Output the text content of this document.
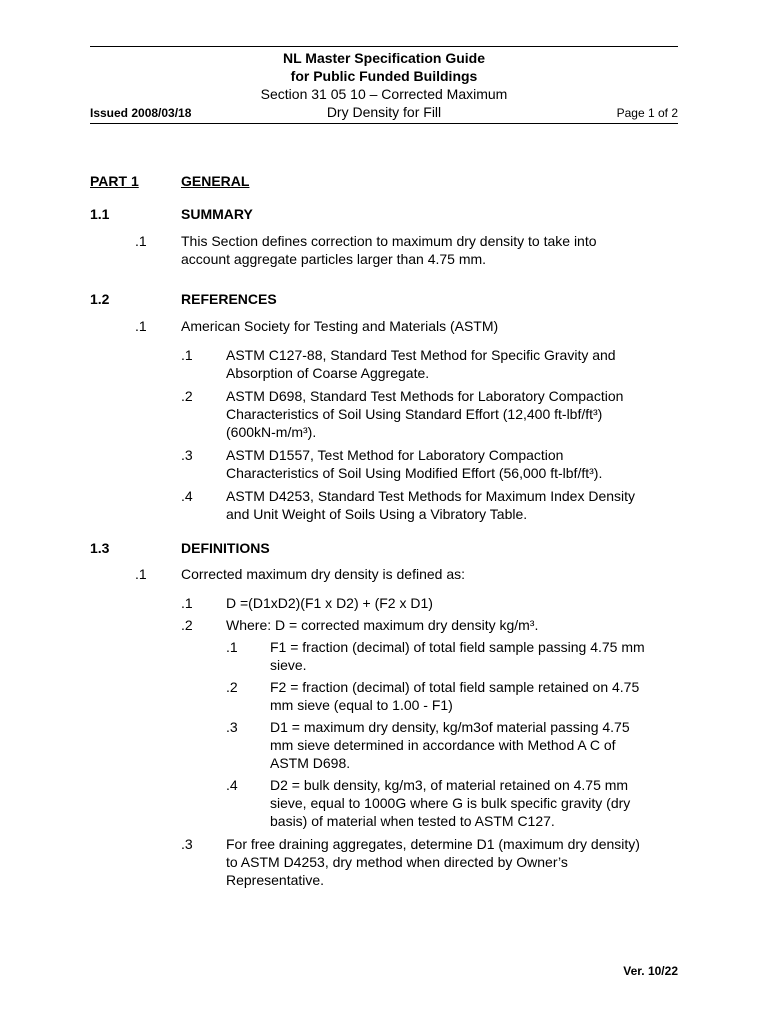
NL Master Specification Guide
for Public Funded Buildings
Section 31 05 10 – Corrected Maximum
Dry Density for Fill
Issued 2008/03/18	Page 1 of 2
PART 1	GENERAL
1.1	SUMMARY
.1 This Section defines correction to maximum dry density to take into
account aggregate particles larger than 4.75 mm.
1.2	REFERENCES
.1 American Society for Testing and Materials (ASTM)
.1 ASTM C127-88, Standard Test Method for Specific Gravity and
Absorption of Coarse Aggregate.
.2 ASTM D698, Standard Test Methods for Laboratory Compaction
Characteristics of Soil Using Standard Effort (12,400 ft-lbf/ft³)
(600kN-m/m³).
.3 ASTM D1557, Test Method for Laboratory Compaction
Characteristics of Soil Using Modified Effort (56,000 ft-lbf/ft³).
.4 ASTM D4253, Standard Test Methods for Maximum Index Density
and Unit Weight of Soils Using a Vibratory Table.
1.3	DEFINITIONS
.1 Corrected maximum dry density is defined as:
.1 D =(D1xD2)(F1 x D2) + (F2 x D1)
.2 Where: D = corrected maximum dry density kg/m³.
.1 F1 = fraction (decimal) of total field sample passing 4.75 mm
sieve.
.2 F2 = fraction (decimal) of total field sample retained on 4.75
mm sieve (equal to 1.00 - F1)
.3 D1 = maximum dry density, kg/m3of material passing 4.75
mm sieve determined in accordance with Method A C of
ASTM D698.
.4 D2 = bulk density, kg/m3, of material retained on 4.75 mm
sieve, equal to 1000G where G is bulk specific gravity (dry
basis) of material when tested to ASTM C127.
.3 For free draining aggregates, determine D1 (maximum dry density)
to ASTM D4253, dry method when directed by Owner’s
Representative.
Ver. 10/22
